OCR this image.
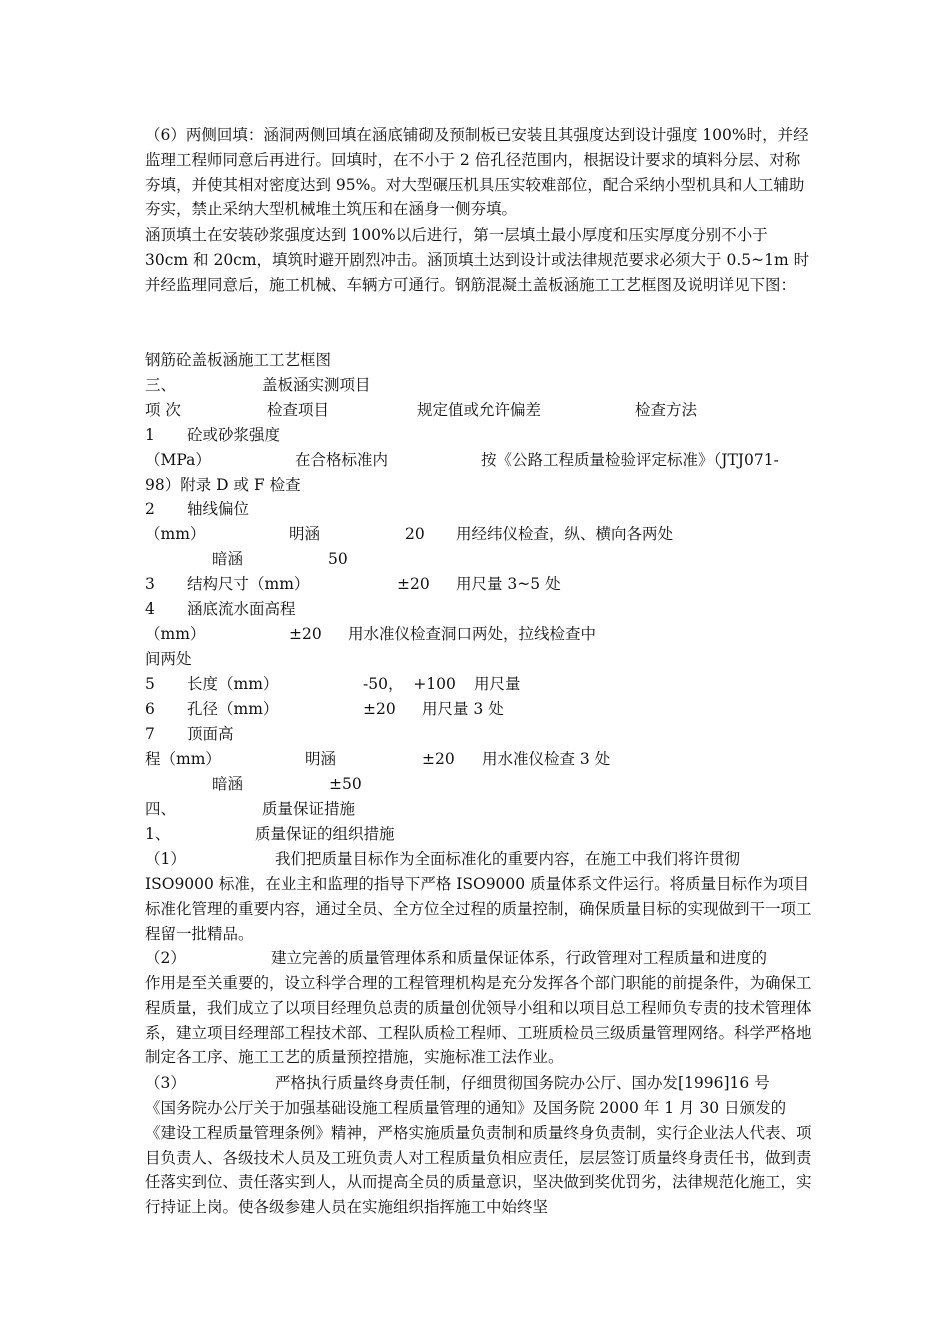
（6）两侧回填：涵洞两侧回填在涵底铺砌及预制板已安装且其强度达到设计强度 100%时，并经监理工程师同意后再进行。回填时，在不小于 2 倍孔径范围内，根据设计要求的填料分层、对称夯填，并使其相对密度达到 95%。对大型碾压机具压实较难部位，配合采纳小型机具和人工辅助夯实，禁止采纳大型机械堆土筑压和在涵身一侧夯填。
涵顶填土在安装砂浆强度达到 100%以后进行，第一层填土最小厚度和压实厚度分别不小于 30cm 和 20cm，填筑时避开剧烈冲击。涵顶填土达到设计或法律规范要求必须大于 0.5~1m 时并经监理同意后，施工机械、车辆方可通行。钢筋混凝土盖板涵施工工艺框图及说明详见下图：
钢筋砼盖板涵施工工艺框图
三、	盖板涵实测项目
项 次	检查项目	规定值或允许偏差	检查方法
1 砼或砂浆强度
（MPa）	在合格标准内	按《公路工程质量检验评定标准》（JTJ071-
98）附录 D 或 F 检查
2 轴线偏位
（mm）	明涵	20 用经纬仪检查，纵、横向各两处
暗涵	50
3 结构尺寸（mm）	±20 用尺量 3~5 处
4 涵底流水面高程
（mm）	±20 用水准仪检查洞口两处，拉线检查中
间两处
5 长度（mm）	-50，  +100 用尺量
6 孔径（mm）	±20 用尺量 3 处
7 顶面高
程（mm）	明涵	±20 用水准仪检查 3 处
暗涵	±50
四、	质量保证措施
1、	质量保证的组织措施
（1）	我们把质量目标作为全面标准化的重要内容，在施工中我们将许贯彻
ISO9000 标准，在业主和监理的指导下严格 ISO9000 质量体系文件运行。将质量目标作为项目标准化管理的重要内容，通过全员、全方位全过程的质量控制，确保质量目标的实现做到干一项工程留一批精品。
（2）	建立完善的质量管理体系和质量保证体系，行政管理对工程质量和进度的
作用是至关重要的，设立科学合理的工程管理机构是充分发挥各个部门职能的前提条件，为确保工程质量，我们成立了以项目经理负总责的质量创优领导小组和以项目总工程师负专责的技术管理体系，建立项目经理部工程技术部、工程队质检工程师、工班质检员三级质量管理网络。科学严格地制定各工序、施工工艺的质量预控措施，实施标准工法作业。
（3）	严格执行质量终身责任制，仔细贯彻国务院办公厅、国办发[1996]16 号
《国务院办公厅关于加强基础设施工程质量管理的通知》及国务院 2000 年 1 月 30 日颁发的《建设工程质量管理条例》精神，严格实施质量负责制和质量终身负责制，实行企业法人代表、项目负责人、各级技术人员及工班负责人对工程质量负相应责任，层层签订质量终身责任书，做到责任落实到位、责任落实到人，从而提高全员的质量意识，坚决做到奖优罚劣，法律规范化施工，实行持证上岗。使各级参建人员在实施组织指挥施工中始终坚
